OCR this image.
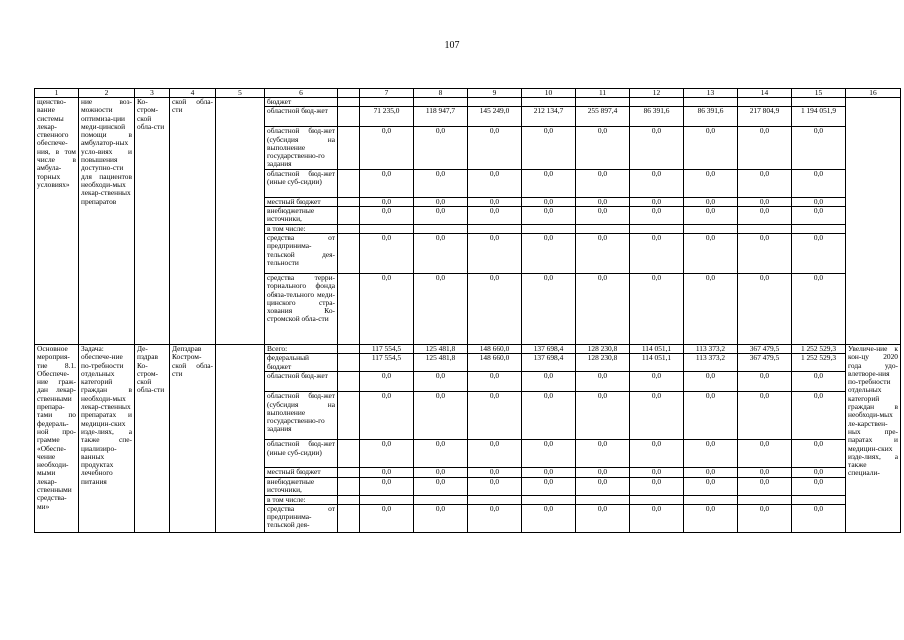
107
1	2	3	4	5	6		7	8	9	10	11	12	13	14	15	16
щенство-вание системы лекар-ственного обеспече-ния, в том числе в амбула-торных условиях»	ние воз-можности оптимиза-ции меди-цинской помощи в амбулатор-ных усло-виях и повышения доступно-сти для пациентов необходи-мых лекар-ственных препаратов	Ко-стром-ской обла-сти	ской обла-сти		бюджет											
					областной бюд-жет		71 235,0	118 947,7	145 249,0	212 134,7	255 897,4	86 391,6	86 391,6	217 804,9	1 194 051,9	
					областной бюд-жет (субсидия на выполнение государственно-го задания		0,0	0,0	0,0	0,0	0,0	0,0	0,0	0,0	0,0	
					областной бюд-жет (иные суб-сидии)		0,0	0,0	0,0	0,0	0,0	0,0	0,0	0,0	0,0	
					местный бюджет		0,0	0,0	0,0	0,0	0,0	0,0	0,0	0,0	0,0	
					внебюджетные источники,		0,0	0,0	0,0	0,0	0,0	0,0	0,0	0,0	0,0	
					в том числе:											
					средства от предпринима-тельской дея-тельности		0,0	0,0	0,0	0,0	0,0	0,0	0,0	0,0	0,0	
					средства терри-ториального фонда обяза-тельного меди-цинского стра-хования Ко-стромской обла-сти		0,0	0,0	0,0	0,0	0,0	0,0	0,0	0,0	0,0	
Основное мероприя-тие 8.1. Обеспече-ние граж-дан лекар-ственными препара-тами по федераль-ной про-грамме «Обеспе-чение необходи-мыми лекар-ственными средства-ми»	Задача: обеспече-ние по-требности отдельных категорий граждан в необходи-мых лекар-ственных препаратах и медицин-ских изде-лиях, а также спе-циализиро-ванных продуктах лечебного питания	Де-пздрав Ко-стром-ской обла-сти	Депздрав Костром-ской обла-сти		Всего:		117 554,5	125 481,8	148 660,0	137 698,4	128 230,8	114 051,1	113 373,2	367 479,5	1 252 529,3	Увеличе-ние к кон-цу 2020 года удо-влетворе-ния по-требности отдельных категорий граждан в необходи-мых ле-карствен-ных пре-паратах и медицин-ских изде-лиях, а также специали-
					федеральный бюджет		117 554,5	125 481,8	148 660,0	137 698,4	128 230,8	114 051,1	113 373,2	367 479,5	1 252 529,3	
					областной бюд-жет		0,0	0,0	0,0	0,0	0,0	0,0	0,0	0,0	0,0	
					областной бюд-жет (субсидия на выполнение государственно-го задания		0,0	0,0	0,0	0,0	0,0	0,0	0,0	0,0	0,0	
					областной бюд-жет (иные суб-сидии)		0,0	0,0	0,0	0,0	0,0	0,0	0,0	0,0	0,0	
					местный бюджет		0,0	0,0	0,0	0,0	0,0	0,0	0,0	0,0	0,0	
					внебюджетные источники,		0,0	0,0	0,0	0,0	0,0	0,0	0,0	0,0	0,0	
					в том числе:											
					средства от предпринима-тельской дея-		0,0	0,0	0,0	0,0	0,0	0,0	0,0	0,0	0,0	
